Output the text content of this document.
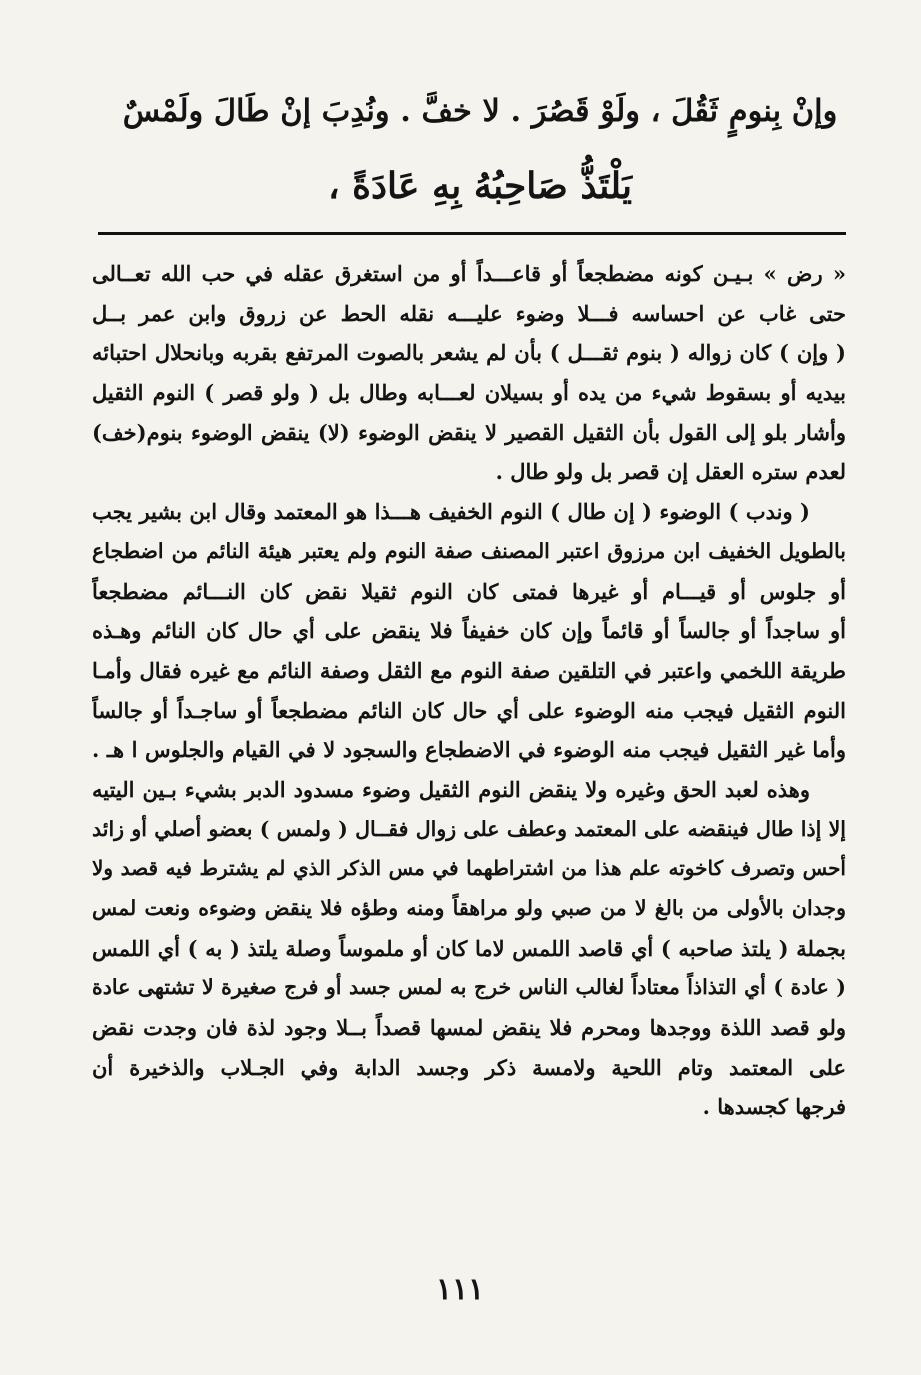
وإنْ بِنومٍ ثَقُلَ ، ولَوْ قَصُرَ . لا خفَّ . ونُدِبَ إنْ طَالَ ولَمْسٌ
يَلْتَذُّ صَاحِبُهُ بِهِ عَادَةً ،
« رض » بـيـن كونه مضطجعاً أو قاعـــداً أو من استغرق عقله في حب الله تعــالى
حتى غاب عن احساسه فـــلا وضوء عليـــه نقله الحط عن زروق وابن عمر بــل
( وإن ) كان زواله ( بنوم ثقـــل ) بأن لم يشعر بالصوت المرتفع بقربه وبانحلال احتبائه
بيديه أو بسقوط شيء من يده أو بسيلان لعـــابه وطال بل ( ولو قصر ) النوم الثقيل
وأشار بلو إلى القول بأن الثقيل القصير لا ينقض الوضوء (لا) ينقض الوضوء بنوم(خف)
لعدم ستره العقل إن قصر بل ولو طال .
( وندب ) الوضوء ( إن طال ) النوم الخفيف هـــذا هو المعتمد وقال ابن بشير يجب
بالطويل الخفيف ابن مرزوق اعتبر المصنف صفة النوم ولم يعتبر هيئة النائم من اضطجاع
أو جلوس أو قيـــام أو غيرها فمتى كان النوم ثقيلا نقض كان النـــائم مضطجعاً
أو ساجداً أو جالساً أو قائماً وإن كان خفيفاً فلا ينقض على أي حال كان النائم وهـذه
طريقة اللخمي واعتبر في التلقين صفة النوم مع الثقل وصفة النائم مع غيره فقال وأمـا
النوم الثقيل فيجب منه الوضوء على أي حال كان النائم مضطجعاً أو ساجـداً أو جالساً
وأما غير الثقيل فيجب منه الوضوء في الاضطجاع والسجود لا في القيام والجلوس ا هـ .
وهذه لعبد الحق وغيره ولا ينقض النوم الثقيل وضوء مسدود الدبر بشيء بـين اليتيه
إلا إذا طال فينقضه على المعتمد وعطف على زوال فقــال ( ولمس ) بعضو أصلي أو زائد
أحس وتصرف كاخوته علم هذا من اشتراطهما في مس الذكر الذي لم يشترط فيه قصد ولا
وجدان بالأولى من بالغ لا من صبي ولو مراهقاً ومنه وطؤه فلا ينقض وضوءه ونعت لمس
بجملة ( يلتذ صاحبه ) أي قاصد اللمس لاما كان أو ملموساً وصلة يلتذ ( به ) أي اللمس
( عادة ) أي التذاذاً معتاداً لغالب الناس خرج به لمس جسد أو فرج صغيرة لا تشتهى عادة
ولو قصد اللذة ووجدها ومحرم فلا ينقض لمسها قصداً بــلا وجود لذة فان وجدت نقض
على المعتمد وتام اللحية ولامسة ذكر وجسد الدابة وفي الجـلاب والذخيرة أن
فرجها كجسدها .
١١١
